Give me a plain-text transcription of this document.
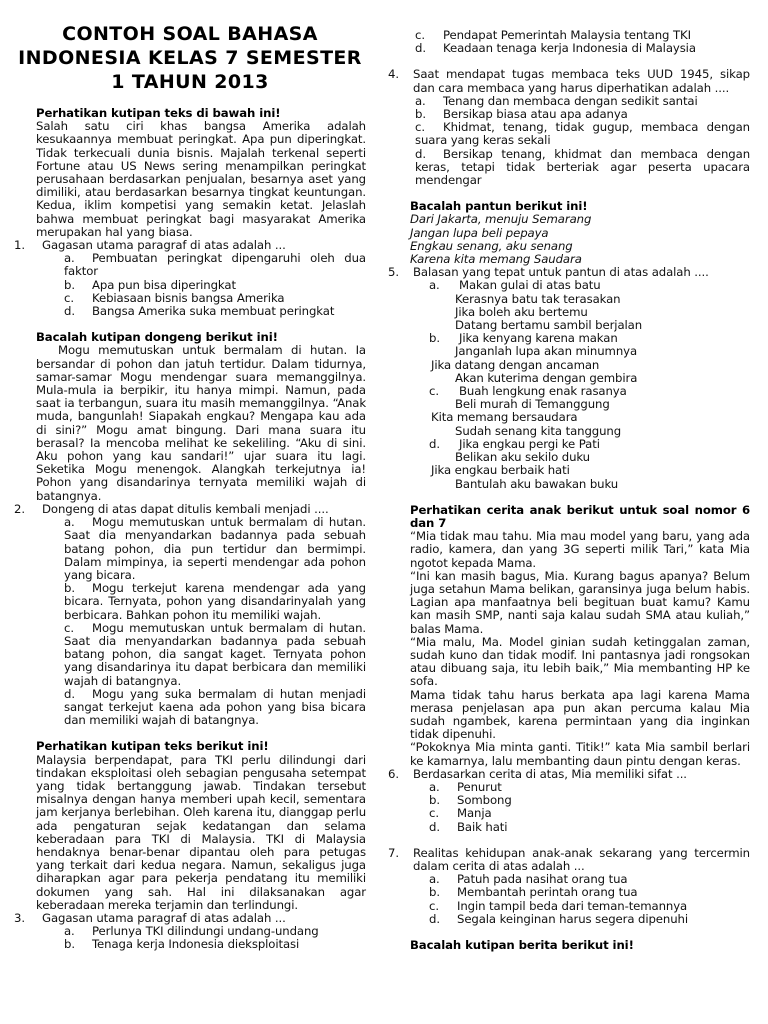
CONTOH SOAL BAHASA
INDONESIA KELAS 7 SEMESTER
1 TAHUN 2013
Perhatikan kutipan teks di bawah ini!

Salah satu ciri khas bangsa Amerika adalah kesukaannya membuat peringkat. Apa pun diperingkat. Tidak terkecuali dunia bisnis. Majalah terkenal seperti Fortune atau US News sering menampilkan peringkat perusahaan berdasarkan penjualan, besarnya aset yang dimiliki, atau berdasarkan besarnya tingkat keuntungan. Kedua, iklim kompetisi yang semakin ketat. Jelaslah bahwa membuat peringkat bagi masyarakat Amerika merupakan hal yang biasa.

1.	Gagasan utama paragraf di atas adalah ...
a. Pembuatan peringkat dipengaruhi oleh dua faktor
b. Apa pun bisa diperingkat
c. Kebiasaan bisnis bangsa Amerika
d. Bangsa Amerika suka membuat peringkat
Bacalah kutipan dongeng berikut ini!

Mogu memutuskan untuk bermalam di hutan. Ia bersandar di pohon dan jatuh tertidur. Dalam tidurnya, samar-samar Mogu mendengar suara memanggilnya. Mula-mula ia berpikir, itu hanya mimpi. Namun, pada saat ia terbangun, suara itu masih memanggilnya. “Anak muda, bangunlah! Siapakah engkau? Mengapa kau ada di sini?” Mogu amat bingung. Dari mana suara itu berasal? Ia mencoba melihat ke sekeliling. “Aku di sini. Aku pohon yang kau sandari!” ujar suara itu lagi. Seketika Mogu menengok. Alangkah terkejutnya ia! Pohon yang disandarinya ternyata memiliki wajah di batangnya.

2.	Dongeng di atas dapat ditulis kembali menjadi ....
a. Mogu memutuskan untuk bermalam di hutan. Saat dia menyandarkan badannya pada sebuah batang pohon, dia pun tertidur dan bermimpi. Dalam mimpinya, ia seperti mendengar ada pohon yang bicara.
b. Mogu terkejut karena mendengar ada yang bicara. Ternyata, pohon yang disandarinyalah yang berbicara. Bahkan pohon itu memiliki wajah.
c. Mogu memutuskan untuk bermalam di hutan. Saat dia menyandarkan badannya pada sebuah batang pohon, dia sangat kaget. Ternyata pohon yang disandarinya itu dapat berbicara dan memiliki wajah di batangnya.
d. Mogu yang suka bermalam di hutan menjadi sangat terkejut kaena ada pohon yang bisa bicara dan memiliki wajah di batangnya.
Perhatikan kutipan teks berikut ini!

Malaysia berpendapat, para TKI perlu dilindungi dari tindakan eksploitasi oleh sebagian pengusaha setempat yang tidak bertanggung jawab. Tindakan tersebut misalnya dengan hanya memberi upah kecil, sementara jam kerjanya berlebihan. Oleh karena itu, dianggap perlu ada pengaturan sejak kedatangan dan selama keberadaan para TKI di Malaysia. TKI di Malaysia hendaknya benar-benar dipantau oleh para petugas yang terkait dari kedua negara. Namun, sekaligus juga diharapkan agar para pekerja pendatang itu memiliki dokumen yang sah. Hal ini dilaksanakan agar keberadaan mereka terjamin dan terlindungi.

3.	Gagasan utama paragraf di atas adalah ...
a. Perlunya TKI dilindungi undang-undang
b. Tenaga kerja Indonesia dieksploitasi
c. Pendapat Pemerintah Malaysia tentang TKI
d. Keadaan tenaga kerja Indonesia di Malaysia
4.	Saat mendapat tugas membaca teks UUD 1945, sikap dan cara membaca yang harus diperhatikan adalah ....
a. Tenang dan membaca dengan sedikit santai
b. Bersikap biasa atau apa adanya
c. Khidmat, tenang, tidak gugup, membaca dengan suara yang keras sekali
d. Bersikap tenang, khidmat dan membaca dengan keras, tetapi tidak berteriak agar peserta upacara mendengar
Bacalah pantun berikut ini!
Dari Jakarta, menuju Semarang
Jangan lupa beli pepaya
Engkau senang, aku senang
Karena kita memang Saudara
5.	Balasan yang tepat untuk pantun di atas adalah ....
a. Makan gulai di atas batu
Kerasnya batu tak terasakan
Jika boleh aku bertemu
Datang bertamu sambil berjalan
b. Jika kenyang karena makan
Janganlah lupa akan minumnya
Jika datang dengan ancaman
Akan kuterima dengan gembira
c. Buah lengkung enak rasanya
Beli murah di Temanggung
Kita memang bersaudara
Sudah senang kita tanggung
d. Jika engkau pergi ke Pati
Belikan aku sekilo duku
Jika engkau berbaik hati
Bantulah aku bawakan buku
Perhatikan cerita anak berikut untuk soal nomor 6 dan 7

“Mia tidak mau tahu. Mia mau model yang baru, yang ada radio, kamera, dan yang 3G seperti milik Tari,” kata Mia ngotot kepada Mama.

“Ini kan masih bagus, Mia. Kurang bagus apanya? Belum juga setahun Mama belikan, garansinya juga belum habis. Lagian apa manfaatnya beli begituan buat kamu? Kamu kan masih SMP, nanti saja kalau sudah SMA atau kuliah,” balas Mama.

“Mia malu, Ma. Model ginian sudah ketinggalan zaman, sudah kuno dan tidak modif. Ini pantasnya jadi rongsokan atau dibuang saja, itu lebih baik,” Mia membanting HP ke sofa.

Mama tidak tahu harus berkata apa lagi karena Mama merasa penjelasan apa pun akan percuma kalau Mia sudah ngambek, karena permintaan yang dia inginkan tidak dipenuhi.

“Pokoknya Mia minta ganti. Titik!” kata Mia sambil berlari ke kamarnya, lalu membanting daun pintu dengan keras.

6.	Berdasarkan cerita di atas, Mia memiliki sifat ...
a. Penurut
b. Sombong
c. Manja
d. Baik hati
7.	Realitas kehidupan anak-anak sekarang yang tercermin dalam cerita di atas adalah ...
a. Patuh pada nasihat orang tua
b. Membantah perintah orang tua
c. Ingin tampil beda dari teman-temannya
d. Segala keinginan harus segera dipenuhi
Bacalah kutipan berita berikut ini!
